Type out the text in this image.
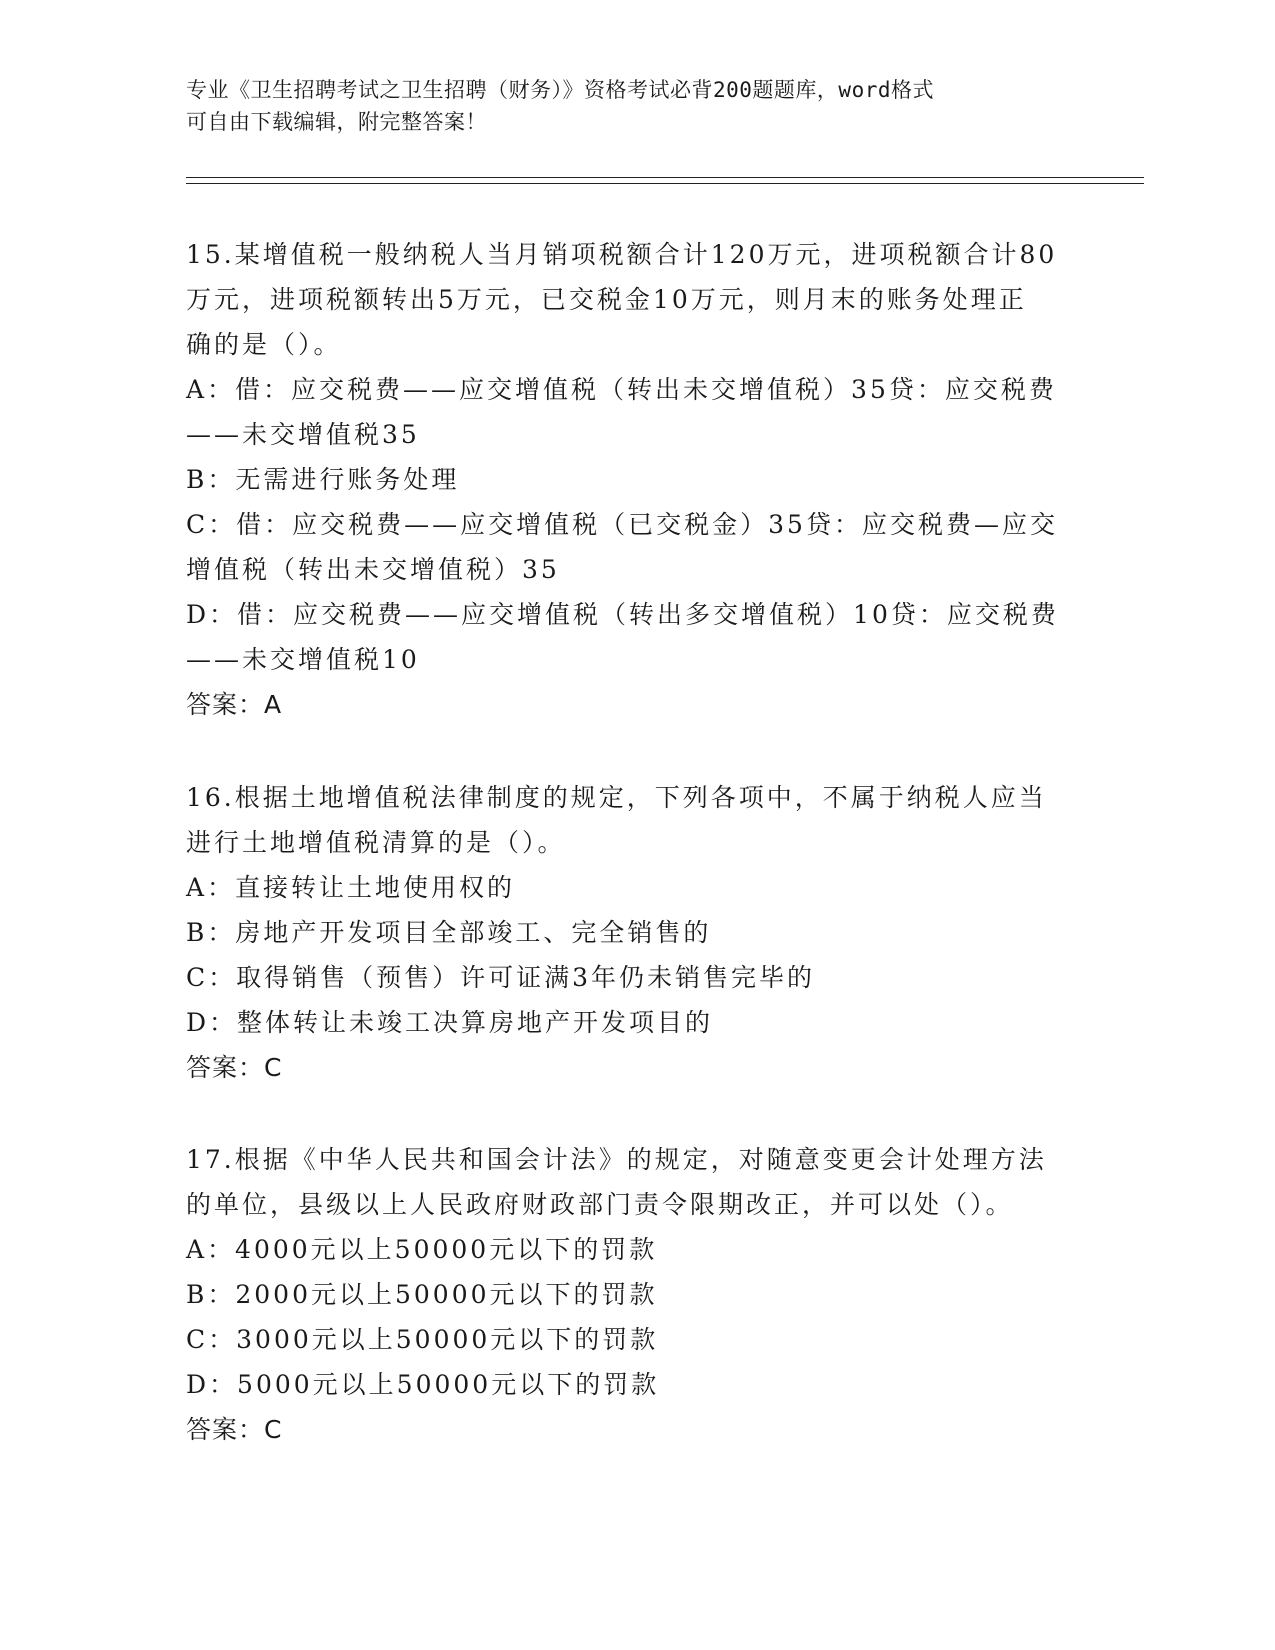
专业《卫生招聘考试之卫生招聘（财务）》资格考试必背200题题库，word格式
可自由下载编辑，附完整答案！
15.某增值税一般纳税人当月销项税额合计120万元，进项税额合计80
万元，进项税额转出5万元，已交税金10万元，则月末的账务处理正
确的是（）。
A：借：应交税费——应交增值税（转出未交增值税）35贷：应交税费
——未交增值税35
B：无需进行账务处理
C：借：应交税费——应交增值税（已交税金）35贷：应交税费—应交
增值税（转出未交增值税）35
D：借：应交税费——应交增值税（转出多交增值税）10贷：应交税费
——未交增值税10
答案：A
16.根据土地增值税法律制度的规定，下列各项中，不属于纳税人应当
进行土地增值税清算的是（）。
A：直接转让土地使用权的
B：房地产开发项目全部竣工、完全销售的
C：取得销售（预售）许可证满3年仍未销售完毕的
D：整体转让未竣工决算房地产开发项目的
答案：C
17.根据《中华人民共和国会计法》的规定，对随意变更会计处理方法
的单位，县级以上人民政府财政部门责令限期改正，并可以处（）。
A：4000元以上50000元以下的罚款
B：2000元以上50000元以下的罚款
C：3000元以上50000元以下的罚款
D：5000元以上50000元以下的罚款
答案：C
